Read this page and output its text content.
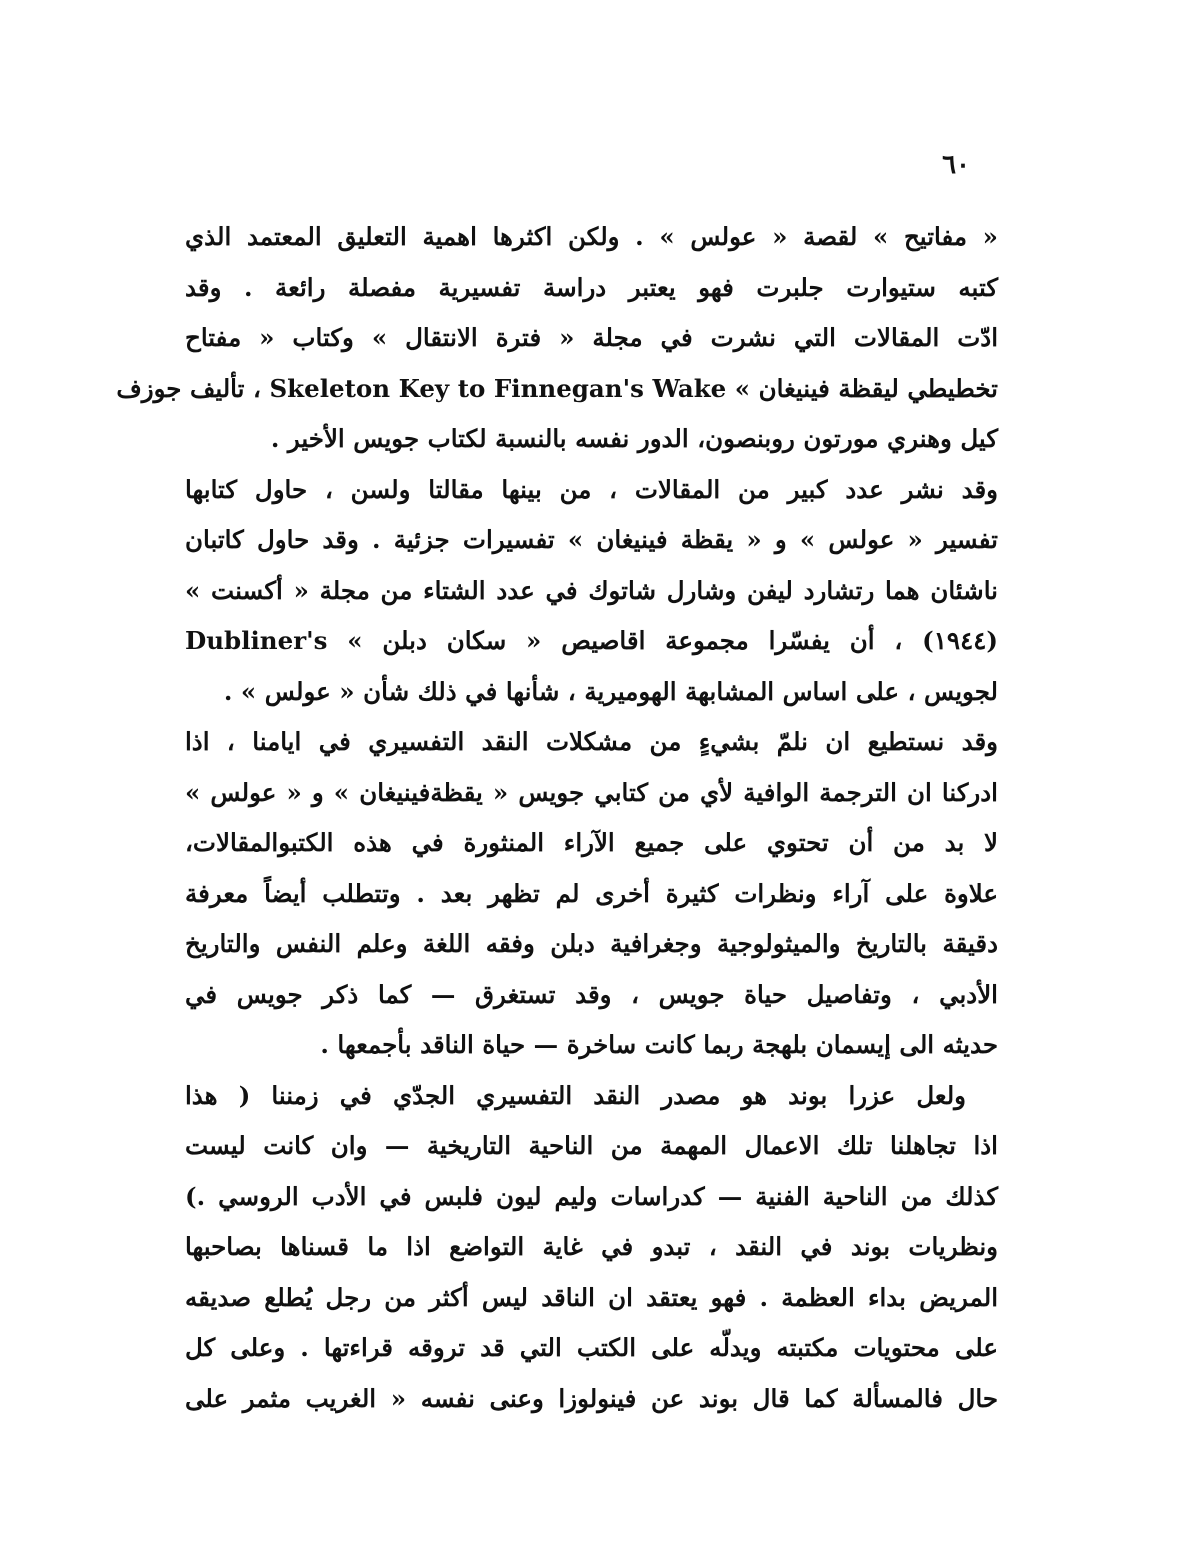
٦٠
« مفاتيح » لقصة « عولس » . ولكن اكثرها اهمية التعليق المعتمد الذي
كتبه ستيوارت جلبرت فهو يعتبر دراسة تفسيرية مفصلة رائعة . وقد
ادّت المقالات التي نشرت في مجلة « فترة الانتقال » وكتاب « مفتاح
تخطيطي ليقظة فينيغان » Skeleton Key to Finnegan's Wake ، تأليف جوزف
كيل وهنري مورتون روبنصون، الدور نفسه بالنسبة لكتاب جويس الأخير .
وقد نشر عدد كبير من المقالات ، من بينها مقالتا ولسن ، حاول كتابها
تفسير « عولس » و « يقظة فينيغان » تفسيرات جزئية . وقد حاول كاتبان
ناشئان هما رتشارد ليفن وشارل شاتوك في عدد الشتاء من مجلة « أكسنت »
(١٩٤٤) ، أن يفسّرا مجموعة اقاصيص « سكان دبلن » Dubliner's
لجويس ، على اساس المشابهة الهوميرية ، شأنها في ذلك شأن « عولس » .
وقد نستطيع ان نلمّ بشيءٍ من مشكلات النقد التفسيري في ايامنا ، اذا
ادركنا ان الترجمة الوافية لأي من كتابي جويس « يقظةفينيغان » و « عولس »
لا بد من أن تحتوي على جميع الآراء المنثورة في هذه الكتبوالمقالات،
علاوة على آراء ونظرات كثيرة أخرى لم تظهر بعد . وتتطلب أيضاً معرفة
دقيقة بالتاريخ والميثولوجية وجغرافية دبلن وفقه اللغة وعلم النفس والتاريخ
الأدبي ، وتفاصيل حياة جويس ، وقد تستغرق — كما ذكر جويس في
حديثه الى إيسمان بلهجة ربما كانت ساخرة — حياة الناقد بأجمعها .
ولعل عزرا بوند هو مصدر النقد التفسيري الجدّي في زمننا ( هذا
اذا تجاهلنا تلك الاعمال المهمة من الناحية التاريخية — وان كانت ليست
كذلك من الناحية الفنية — كدراسات وليم ليون فلبس في الأدب الروسي .)
ونظريات بوند في النقد ، تبدو في غاية التواضع اذا ما قسناها بصاحبها
المريض بداء العظمة . فهو يعتقد ان الناقد ليس أكثر من رجل يُطلع صديقه
على محتويات مكتبته ويدلّه على الكتب التي قد تروقه قراءتها . وعلى كل
حال فالمسألة كما قال بوند عن فينولوزا وعنى نفسه « الغريب مثمر على
